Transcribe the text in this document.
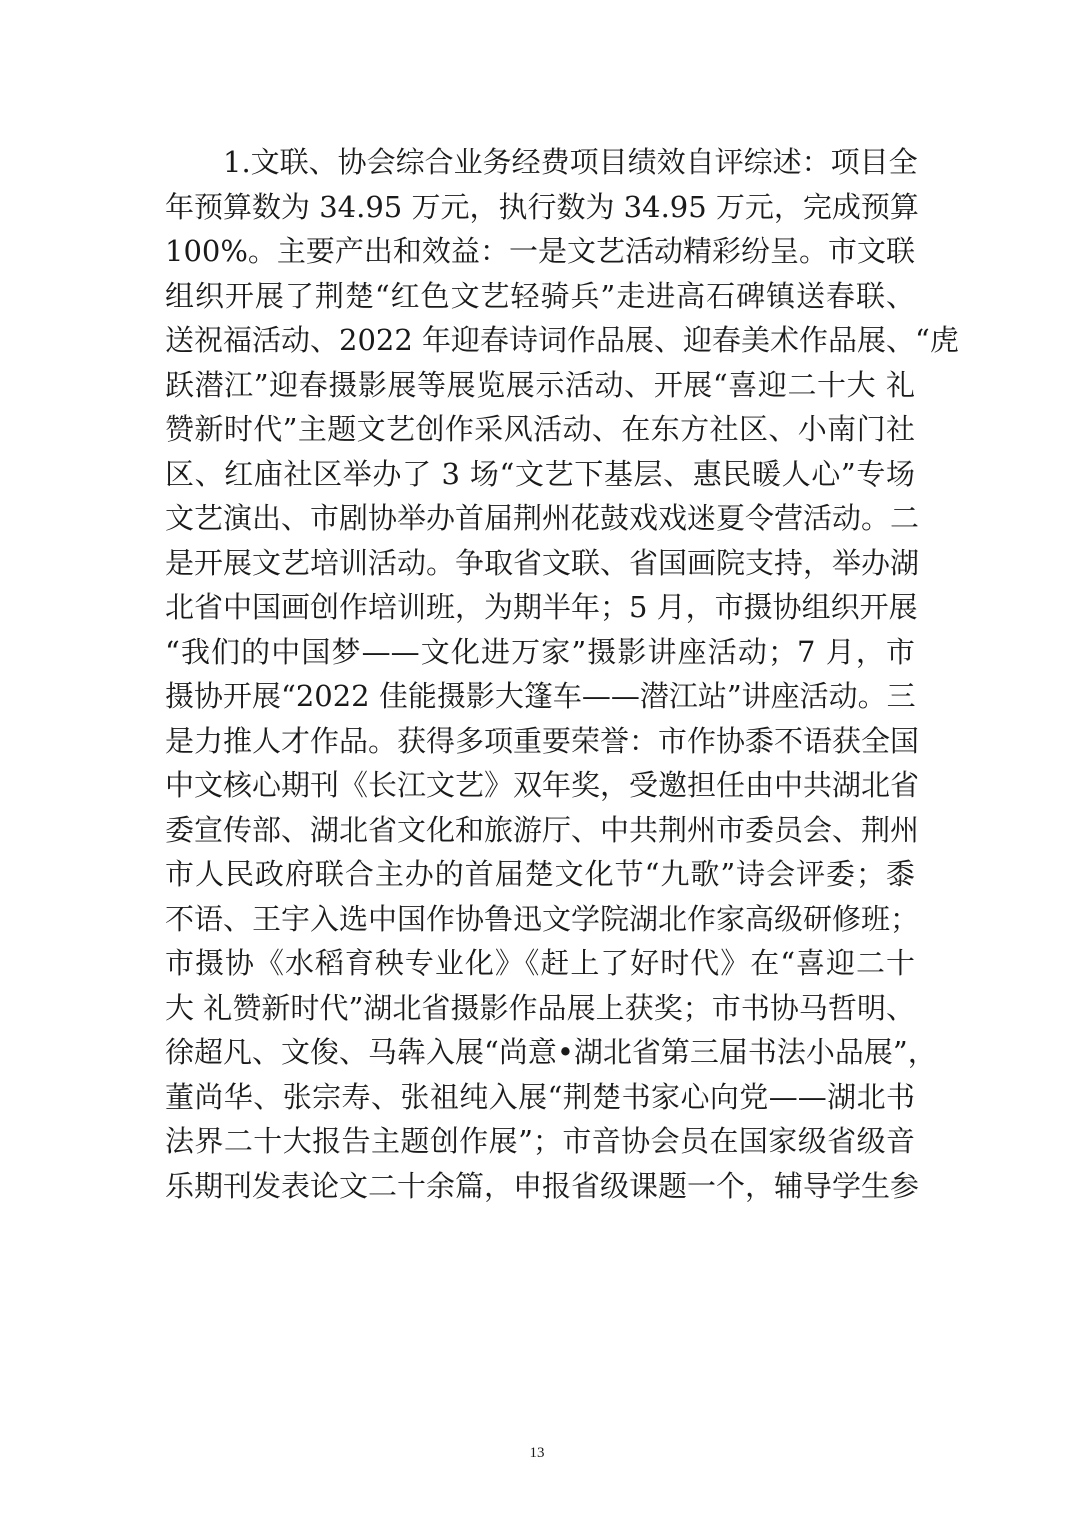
1.文联、协会综合业务经费项目绩效自评综述：项目全
年预算数为 34.95 万元，执行数为 34.95 万元，完成预算
100%。主要产出和效益：一是文艺活动精彩纷呈。市文联
组织开展了荆楚“红色文艺轻骑兵”走进高石碑镇送春联、
送祝福活动、2022 年迎春诗词作品展、迎春美术作品展、“虎
跃潜江”迎春摄影展等展览展示活动、开展“喜迎二十大 礼
赞新时代”主题文艺创作采风活动、在东方社区、小南门社
区、红庙社区举办了 3 场“文艺下基层、惠民暖人心”专场
文艺演出、市剧协举办首届荆州花鼓戏戏迷夏令营活动。二
是开展文艺培训活动。争取省文联、省国画院支持，举办湖
北省中国画创作培训班，为期半年；5 月，市摄协组织开展
“我们的中国梦——文化进万家”摄影讲座活动；7 月，市
摄协开展“2022 佳能摄影大篷车——潜江站”讲座活动。三
是力推人才作品。获得多项重要荣誉：市作协黍不语获全国
中文核心期刊《长江文艺》双年奖，受邀担任由中共湖北省
委宣传部、湖北省文化和旅游厅、中共荆州市委员会、荆州
市人民政府联合主办的首届楚文化节“九歌”诗会评委；黍
不语、王宇入选中国作协鲁迅文学院湖北作家高级研修班；
市摄协《水稻育秧专业化》《赶上了好时代》在“喜迎二十
大 礼赞新时代”湖北省摄影作品展上获奖；市书协马哲明、
徐超凡、文俊、马犇入展“尚意•湖北省第三届书法小品展”，
董尚华、张宗寿、张祖纯入展“荆楚书家心向党——湖北书
法界二十大报告主题创作展”；市音协会员在国家级省级音
乐期刊发表论文二十余篇，申报省级课题一个，辅导学生参
13
